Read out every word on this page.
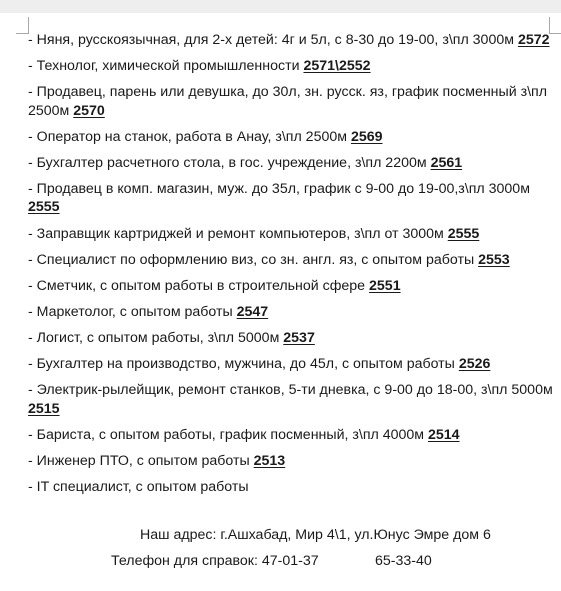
- Няня, русскоязычная, для 2-х детей: 4г и 5л, с 8-30 до 19-00, з\пл 3000м 2572
- Технолог, химической промышленности 2571\2552
- Продавец, парень или девушка, до 30л, зн. русск. яз, график посменный з\пл 2500м 2570
- Оператор на станок, работа в Анау, з\пл 2500м 2569
- Бухгалтер расчетного стола, в гос. учреждение, з\пл 2200м 2561
- Продавец в комп. магазин, муж. до 35л, график с 9-00 до 19-00,з\пл 3000м 2555
- Заправщик картриджей и ремонт компьютеров, з\пл от 3000м 2555
- Специалист по оформлению виз, со зн. англ. яз, с опытом работы 2553
- Сметчик, с опытом работы в строительной сфере 2551
- Маркетолог, с опытом работы 2547
- Логист, с опытом работы, з\пл 5000м 2537
- Бухгалтер на производство, мужчина, до 45л, с опытом работы 2526
- Электрик-рылейщик, ремонт станков, 5-ти дневка, с 9-00 до 18-00, з\пл 5000м 2515
- Бариста, с опытом работы, график посменный, з\пл 4000м 2514
- Инженер ПТО, с опытом работы 2513
- IT специалист, с опытом работы
Наш адрес: г.Ашхабад, Мир 4\1, ул.Юнус Эмре дом 6
Телефон для справок: 47-01-37	65-33-40
